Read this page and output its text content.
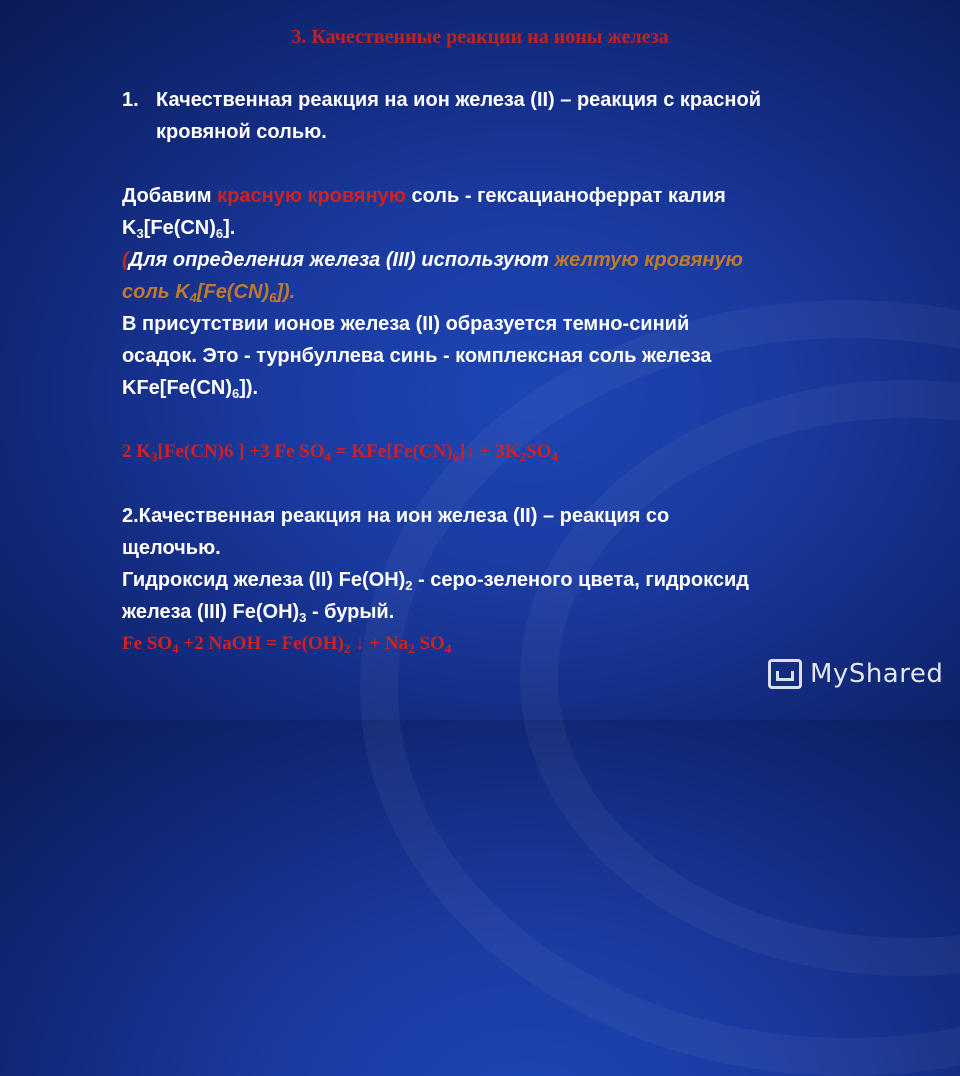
3. Качественные реакции на ионы железа
1. Качественная реакция на ион железа (II) – реакция с красной
кровяной солью.
Добавим красную кровяную соль - гексацианоферрат калия
$K_3[Fe(CN)_6]$.
(Для определения железа (III) используют желтую кровяную
соль $K_4[Fe(CN)_6]$).
В присутствии ионов железа (II) образуется темно-синий
осадок. Это - турнбуллева синь - комплексная соль железа
$KFe[Fe(CN)_6]$).
2 $K_3[Fe(CN)6$ ] +3 Fe $SO_4$ = $KFe[Fe(CN)_6]↓ + 3K_2SO_4$
2.Качественная реакция на ион железа (II) – реакция со
щелочью.
Гидроксид железа (II) $Fe(OH)_2$ - серо-зеленого цвета, гидроксид
железа (III) $Fe(OH)_3$ - бурый.
Fe $SO_4 +2$ NaOH = $Fe(OH)_2$ ↓ + $Na_2$ $SO_4$
MyShared
